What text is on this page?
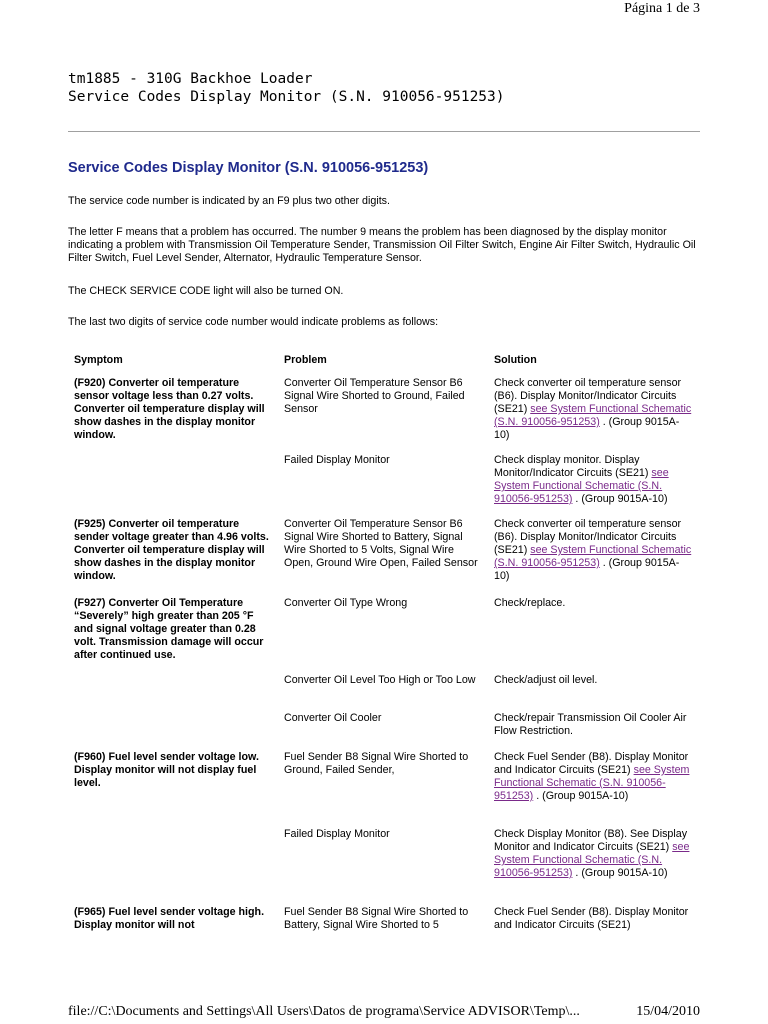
Página 1 de 3
tm1885 - 310G Backhoe Loader
Service Codes Display Monitor (S.N. 910056-951253)
Service Codes Display Monitor (S.N. 910056-951253)

The service code number is indicated by an F9 plus two other digits.

The letter F means that a problem has occurred. The number 9 means the problem has been diagnosed by the display monitor indicating a problem with Transmission Oil Temperature Sender, Transmission Oil Filter Switch, Engine Air Filter Switch, Hydraulic Oil Filter Switch, Fuel Level Sender, Alternator, Hydraulic Temperature Sensor.

The CHECK SERVICE CODE light will also be turned ON.

The last two digits of service code number would indicate problems as follows:

Symptom	Problem	Solution
(F920) Converter oil temperature sensor voltage less than 0.27 volts. Converter oil temperature display will show dashes in the display monitor window.	Converter Oil Temperature Sensor B6 Signal Wire Shorted to Ground, Failed Sensor	Check converter oil temperature sensor (B6). Display Monitor/Indicator Circuits (SE21) see System Functional Schematic (S.N. 910056-951253) . (Group 9015A-10)
	Failed Display Monitor	Check display monitor. Display Monitor/Indicator Circuits (SE21) see System Functional Schematic (S.N. 910056-951253) . (Group 9015A-10)
(F925) Converter oil temperature sender voltage greater than 4.96 volts. Converter oil temperature display will show dashes in the display monitor window.	Converter Oil Temperature Sensor B6 Signal Wire Shorted to Battery, Signal Wire Shorted to 5 Volts, Signal Wire Open, Ground Wire Open, Failed Sensor	Check converter oil temperature sensor (B6). Display Monitor/Indicator Circuits (SE21) see System Functional Schematic (S.N. 910056-951253) . (Group 9015A-10)
(F927) Converter Oil Temperature “Severely” high greater than 205 °F and signal voltage greater than 0.28 volt. Transmission damage will occur after continued use.	Converter Oil Type Wrong	Check/replace.
	Converter Oil Level Too High or Too Low	Check/adjust oil level.
	Converter Oil Cooler	Check/repair Transmission Oil Cooler Air Flow Restriction.
(F960) Fuel level sender voltage low. Display monitor will not display fuel level.	Fuel Sender B8 Signal Wire Shorted to Ground, Failed Sender,	Check Fuel Sender (B8). Display Monitor and Indicator Circuits (SE21) see System Functional Schematic (S.N. 910056-951253) . (Group 9015A-10)
	Failed Display Monitor	Check Display Monitor (B8). See Display Monitor and Indicator Circuits (SE21) see System Functional Schematic (S.N. 910056-951253) . (Group 9015A-10)
(F965) Fuel level sender voltage high. Display monitor will not	Fuel Sender B8 Signal Wire Shorted to Battery, Signal Wire Shorted to 5	Check Fuel Sender (B8). Display Monitor and Indicator Circuits (SE21)
file://C:\Documents and Settings\All Users\Datos de programa\Service ADVISOR\Temp\...	15/04/2010
